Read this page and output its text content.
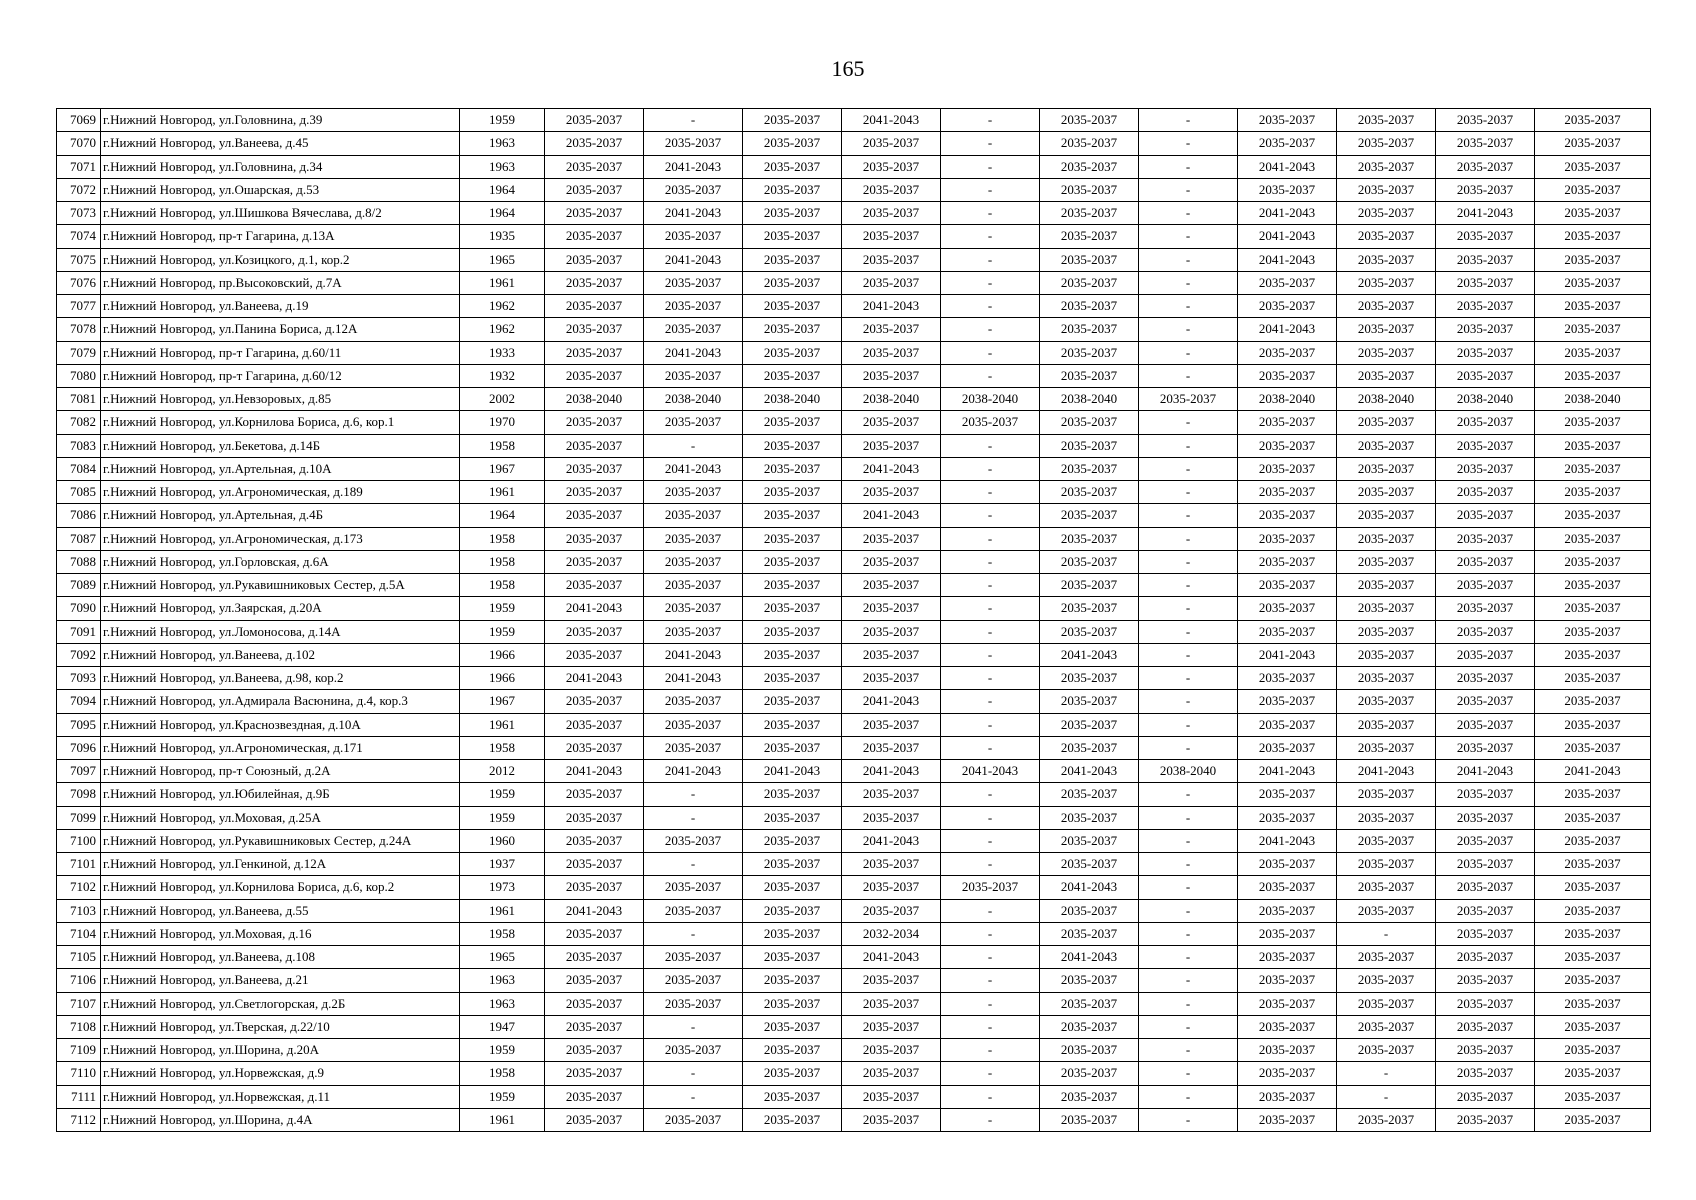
165
7069	г.Нижний Новгород, ул.Головнина, д.39	1959	2035-2037	-	2035-2037	2041-2043	-	2035-2037	-	2035-2037	2035-2037	2035-2037	2035-2037
7070	г.Нижний Новгород, ул.Ванеева, д.45	1963	2035-2037	2035-2037	2035-2037	2035-2037	-	2035-2037	-	2035-2037	2035-2037	2035-2037	2035-2037
7071	г.Нижний Новгород, ул.Головнина, д.34	1963	2035-2037	2041-2043	2035-2037	2035-2037	-	2035-2037	-	2041-2043	2035-2037	2035-2037	2035-2037
7072	г.Нижний Новгород, ул.Ошарская, д.53	1964	2035-2037	2035-2037	2035-2037	2035-2037	-	2035-2037	-	2035-2037	2035-2037	2035-2037	2035-2037
7073	г.Нижний Новгород, ул.Шишкова Вячеслава, д.8/2	1964	2035-2037	2041-2043	2035-2037	2035-2037	-	2035-2037	-	2041-2043	2035-2037	2041-2043	2035-2037
7074	г.Нижний Новгород, пр-т Гагарина, д.13А	1935	2035-2037	2035-2037	2035-2037	2035-2037	-	2035-2037	-	2041-2043	2035-2037	2035-2037	2035-2037
7075	г.Нижний Новгород, ул.Козицкого, д.1, кор.2	1965	2035-2037	2041-2043	2035-2037	2035-2037	-	2035-2037	-	2041-2043	2035-2037	2035-2037	2035-2037
7076	г.Нижний Новгород, пр.Высоковский, д.7А	1961	2035-2037	2035-2037	2035-2037	2035-2037	-	2035-2037	-	2035-2037	2035-2037	2035-2037	2035-2037
7077	г.Нижний Новгород, ул.Ванеева, д.19	1962	2035-2037	2035-2037	2035-2037	2041-2043	-	2035-2037	-	2035-2037	2035-2037	2035-2037	2035-2037
7078	г.Нижний Новгород, ул.Панина Бориса, д.12А	1962	2035-2037	2035-2037	2035-2037	2035-2037	-	2035-2037	-	2041-2043	2035-2037	2035-2037	2035-2037
7079	г.Нижний Новгород, пр-т Гагарина, д.60/11	1933	2035-2037	2041-2043	2035-2037	2035-2037	-	2035-2037	-	2035-2037	2035-2037	2035-2037	2035-2037
7080	г.Нижний Новгород, пр-т Гагарина, д.60/12	1932	2035-2037	2035-2037	2035-2037	2035-2037	-	2035-2037	-	2035-2037	2035-2037	2035-2037	2035-2037
7081	г.Нижний Новгород, ул.Невзоровых, д.85	2002	2038-2040	2038-2040	2038-2040	2038-2040	2038-2040	2038-2040	2035-2037	2038-2040	2038-2040	2038-2040	2038-2040
7082	г.Нижний Новгород, ул.Корнилова Бориса, д.6, кор.1	1970	2035-2037	2035-2037	2035-2037	2035-2037	2035-2037	2035-2037	-	2035-2037	2035-2037	2035-2037	2035-2037
7083	г.Нижний Новгород, ул.Бекетова, д.14Б	1958	2035-2037	-	2035-2037	2035-2037	-	2035-2037	-	2035-2037	2035-2037	2035-2037	2035-2037
7084	г.Нижний Новгород, ул.Артельная, д.10А	1967	2035-2037	2041-2043	2035-2037	2041-2043	-	2035-2037	-	2035-2037	2035-2037	2035-2037	2035-2037
7085	г.Нижний Новгород, ул.Агрономическая, д.189	1961	2035-2037	2035-2037	2035-2037	2035-2037	-	2035-2037	-	2035-2037	2035-2037	2035-2037	2035-2037
7086	г.Нижний Новгород, ул.Артельная, д.4Б	1964	2035-2037	2035-2037	2035-2037	2041-2043	-	2035-2037	-	2035-2037	2035-2037	2035-2037	2035-2037
7087	г.Нижний Новгород, ул.Агрономическая, д.173	1958	2035-2037	2035-2037	2035-2037	2035-2037	-	2035-2037	-	2035-2037	2035-2037	2035-2037	2035-2037
7088	г.Нижний Новгород, ул.Горловская, д.6А	1958	2035-2037	2035-2037	2035-2037	2035-2037	-	2035-2037	-	2035-2037	2035-2037	2035-2037	2035-2037
7089	г.Нижний Новгород, ул.Рукавишниковых Сестер, д.5А	1958	2035-2037	2035-2037	2035-2037	2035-2037	-	2035-2037	-	2035-2037	2035-2037	2035-2037	2035-2037
7090	г.Нижний Новгород, ул.Заярская, д.20А	1959	2041-2043	2035-2037	2035-2037	2035-2037	-	2035-2037	-	2035-2037	2035-2037	2035-2037	2035-2037
7091	г.Нижний Новгород, ул.Ломоносова, д.14А	1959	2035-2037	2035-2037	2035-2037	2035-2037	-	2035-2037	-	2035-2037	2035-2037	2035-2037	2035-2037
7092	г.Нижний Новгород, ул.Ванеева, д.102	1966	2035-2037	2041-2043	2035-2037	2035-2037	-	2041-2043	-	2041-2043	2035-2037	2035-2037	2035-2037
7093	г.Нижний Новгород, ул.Ванеева, д.98, кор.2	1966	2041-2043	2041-2043	2035-2037	2035-2037	-	2035-2037	-	2035-2037	2035-2037	2035-2037	2035-2037
7094	г.Нижний Новгород, ул.Адмирала Васюнина, д.4, кор.3	1967	2035-2037	2035-2037	2035-2037	2041-2043	-	2035-2037	-	2035-2037	2035-2037	2035-2037	2035-2037
7095	г.Нижний Новгород, ул.Краснозвездная, д.10А	1961	2035-2037	2035-2037	2035-2037	2035-2037	-	2035-2037	-	2035-2037	2035-2037	2035-2037	2035-2037
7096	г.Нижний Новгород, ул.Агрономическая, д.171	1958	2035-2037	2035-2037	2035-2037	2035-2037	-	2035-2037	-	2035-2037	2035-2037	2035-2037	2035-2037
7097	г.Нижний Новгород, пр-т Союзный, д.2А	2012	2041-2043	2041-2043	2041-2043	2041-2043	2041-2043	2041-2043	2038-2040	2041-2043	2041-2043	2041-2043	2041-2043
7098	г.Нижний Новгород, ул.Юбилейная, д.9Б	1959	2035-2037	-	2035-2037	2035-2037	-	2035-2037	-	2035-2037	2035-2037	2035-2037	2035-2037
7099	г.Нижний Новгород, ул.Моховая, д.25А	1959	2035-2037	-	2035-2037	2035-2037	-	2035-2037	-	2035-2037	2035-2037	2035-2037	2035-2037
7100	г.Нижний Новгород, ул.Рукавишниковых Сестер, д.24А	1960	2035-2037	2035-2037	2035-2037	2041-2043	-	2035-2037	-	2041-2043	2035-2037	2035-2037	2035-2037
7101	г.Нижний Новгород, ул.Генкиной, д.12А	1937	2035-2037	-	2035-2037	2035-2037	-	2035-2037	-	2035-2037	2035-2037	2035-2037	2035-2037
7102	г.Нижний Новгород, ул.Корнилова Бориса, д.6, кор.2	1973	2035-2037	2035-2037	2035-2037	2035-2037	2035-2037	2041-2043	-	2035-2037	2035-2037	2035-2037	2035-2037
7103	г.Нижний Новгород, ул.Ванеева, д.55	1961	2041-2043	2035-2037	2035-2037	2035-2037	-	2035-2037	-	2035-2037	2035-2037	2035-2037	2035-2037
7104	г.Нижний Новгород, ул.Моховая, д.16	1958	2035-2037	-	2035-2037	2032-2034	-	2035-2037	-	2035-2037	-	2035-2037	2035-2037
7105	г.Нижний Новгород, ул.Ванеева, д.108	1965	2035-2037	2035-2037	2035-2037	2041-2043	-	2041-2043	-	2035-2037	2035-2037	2035-2037	2035-2037
7106	г.Нижний Новгород, ул.Ванеева, д.21	1963	2035-2037	2035-2037	2035-2037	2035-2037	-	2035-2037	-	2035-2037	2035-2037	2035-2037	2035-2037
7107	г.Нижний Новгород, ул.Светлогорская, д.2Б	1963	2035-2037	2035-2037	2035-2037	2035-2037	-	2035-2037	-	2035-2037	2035-2037	2035-2037	2035-2037
7108	г.Нижний Новгород, ул.Тверская, д.22/10	1947	2035-2037	-	2035-2037	2035-2037	-	2035-2037	-	2035-2037	2035-2037	2035-2037	2035-2037
7109	г.Нижний Новгород, ул.Шорина, д.20А	1959	2035-2037	2035-2037	2035-2037	2035-2037	-	2035-2037	-	2035-2037	2035-2037	2035-2037	2035-2037
7110	г.Нижний Новгород, ул.Норвежская, д.9	1958	2035-2037	-	2035-2037	2035-2037	-	2035-2037	-	2035-2037	-	2035-2037	2035-2037
7111	г.Нижний Новгород, ул.Норвежская, д.11	1959	2035-2037	-	2035-2037	2035-2037	-	2035-2037	-	2035-2037	-	2035-2037	2035-2037
7112	г.Нижний Новгород, ул.Шорина, д.4А	1961	2035-2037	2035-2037	2035-2037	2035-2037	-	2035-2037	-	2035-2037	2035-2037	2035-2037	2035-2037
